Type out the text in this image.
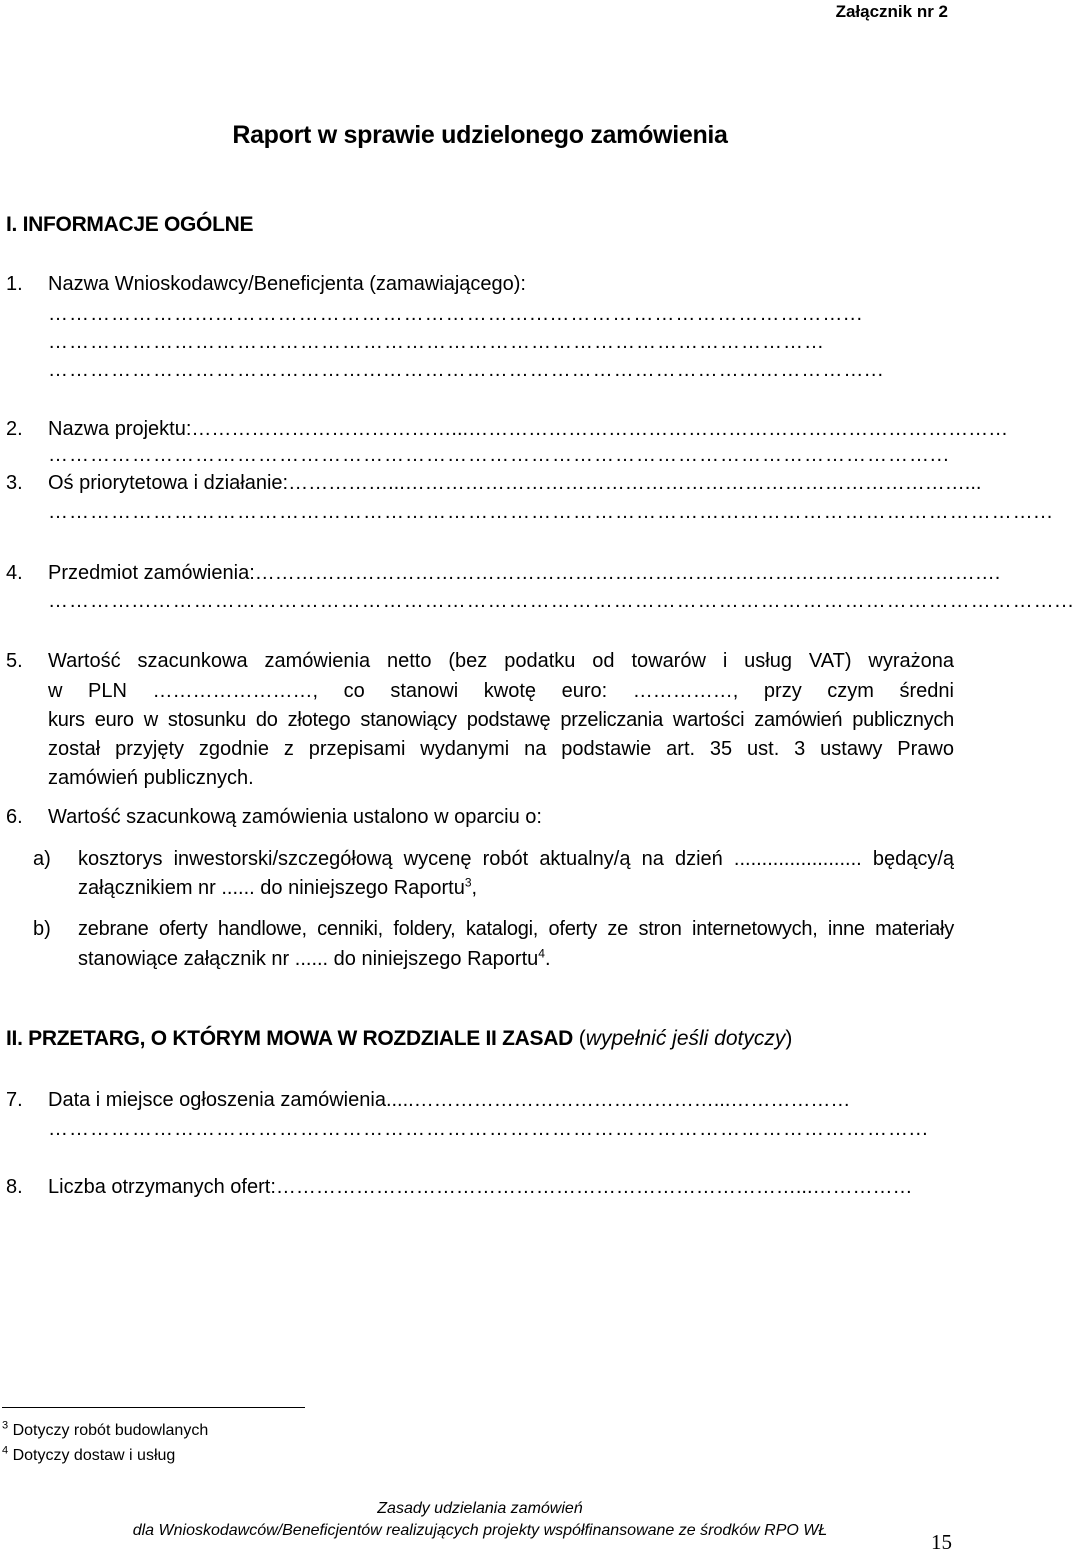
Załącznik nr 2
Raport w sprawie udzielonego zamówienia
I. INFORMACJE OGÓLNE
1. Nazwa Wnioskodawcy/Beneficjenta (zamawiającego):
…………………...………………………………………...……………………………………...
…………………………………………………………………………………………………
………………………………………...……………………………………………...……………...
2. Nazwa projektu:…………………………………...………………………………………………………………………
………………………………………………………………………………………………………………...
3. Oś priorytetowa i działanie:……………...…………………………………………………………………………...
……………………………………………………………………………………...……………………………………...
4. Przedmiot zamówienia:………………………………………………………………………………………………….
…………...…………………………………………………………………………………………………………………...
5. Wartość szacunkowa zamówienia netto (bez podatku od towarów i usług VAT) wyrażona
w PLN ……………………, co stanowi kwotę euro: ……………, przy czym średni
kurs euro w stosunku do złotego stanowiący podstawę przeliczania wartości zamówień publicznych
został przyjęty zgodnie z przepisami wydanymi na podstawie art. 35 ust. 3 ustawy Prawo
zamówień publicznych.
6. Wartość szacunkową zamówienia ustalono w oparciu o:
a) kosztorys inwestorski/szczegółową wycenę robót aktualny/ą na dzień ....................... będący/ą
załącznikiem nr ...... do niniejszego Raportu$^3$,
b) zebrane oferty handlowe, cenniki, foldery, katalogi, oferty ze stron internetowych, inne materiały
stanowiące załącznik nr ...... do niniejszego Raportu$^4$.
II. PRZETARG, O KTÓRYM MOWA W ROZDZIALE II ZASAD (wypełnić jeśli dotyczy)
7. Data i miejsce ogłoszenia zamówienia.....………………………………………...………………
……………………………………………………………………………………………………………...
8. Liczba otrzymanych ofert:……………………………………………………………………...……………
$^3$ Dotyczy robót budowlanych
$^4$ Dotyczy dostaw i usług
Zasady udzielania zamówień
dla Wnioskodawców/Beneficjentów realizujących projekty współfinansowane ze środków RPO WŁ	15
